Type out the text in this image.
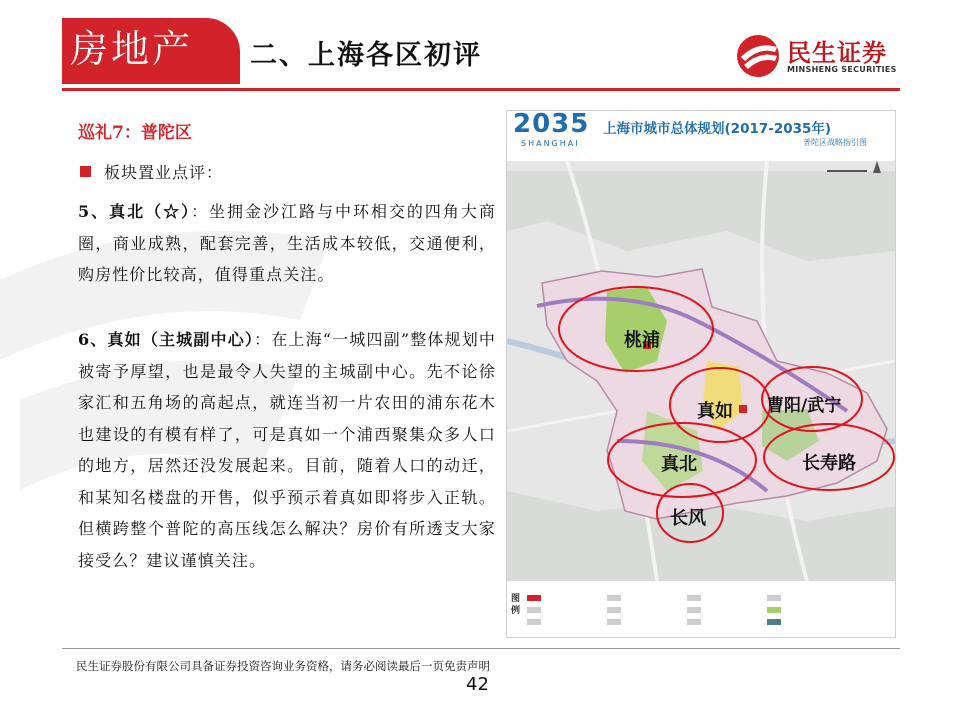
房地产 二、上海各区初评	民生证券
MINSHENG SECURITIES
巡礼7：普陀区
板块置业点评：
5、真北（☆）：坐拥金沙江路与中环相交的四角大商圈，商业成熟，配套完善，生活成本较低，交通便利，购房性价比较高，值得重点关注。
6、真如（主城副中心）：在上海“一城四副”整体规划中被寄予厚望，也是最令人失望的主城副中心。先不论徐家汇和五角场的高起点，就连当初一片农田的浦东花木也建设的有模有样了，可是真如一个浦西聚集众多人口的地方，居然还没发展起来。目前，随着人口的动迁，和某知名楼盘的开售，似乎预示着真如即将步入正轨。但横跨整个普陀的高压线怎么解决？房价有所透支大家接受么？建议谨慎关注。
2035
SHANGHAI
上海市城市总体规划(2017-2035年)
普陀区战略指引图
图例
桃浦
真如 曹阳/武宁
真北	长寿路
长风
民生证券股份有限公司具备证券投资咨询业务资格，请务必阅读最后一页免责声明
42
